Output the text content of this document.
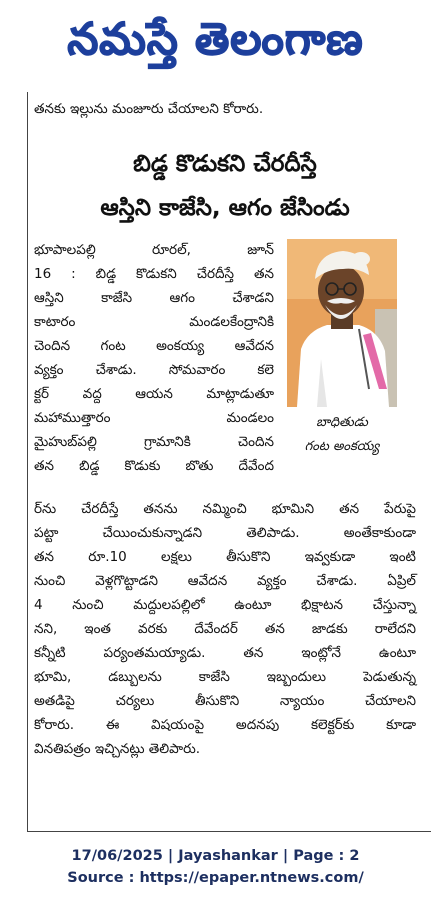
నమస్తే తెలంగాణ
తనకు ఇల్లును మంజూరు చేయాలని కోరారు.
బిడ్డ కొడుకని చేరదీస్తే
ఆస్తిని కాజేసి, ఆగం జేసిండు
బాధితుడు
గంట అంకయ్య
భూపాలపల్లి రూరల్, జూన్
16 : బిడ్డ కొడుకని చేరదీస్తే తన
ఆస్తిని కాజేసి ఆగం చేశాడని
కాటారం మండలకేంద్రానికి
చెందిన గంట అంకయ్య ఆవేదన
వ్యక్తం చేశాడు. సోమవారం కలె
క్టర్ వద్ద ఆయన మాట్లాడుతూ
మహాముత్తారం మండలం
మైహుబ్‌పల్లి గ్రామానికి చెందిన
తన బిడ్డ కొడుకు బొతు దేవేంద
ర్‌ను చేరదీస్తే తనను నమ్మించి భూమిని తన పేరుపై
పట్టా చేయించుకున్నాడని తెలిపాడు. అంతేకాకుండా
తన రూ.10 లక్షలు తీసుకొని ఇవ్వకుడా ఇంటి
నుంచి వెళ్లగొట్టాడని ఆవేదన వ్యక్తం చేశాడు. ఏప్రిల్
4 నుంచి మద్దులపల్లిలో ఉంటూ భిక్షాటన చేస్తున్నా
నని, ఇంత వరకు దేవేందర్ తన జాడకు రాలేదని
కన్నీటి పర్యంతమయ్యాడు. తన ఇంట్లోనే ఉంటూ
భూమి, డబ్బులను కాజేసి ఇబ్బందులు పెడుతున్న
అతడిపై చర్యలు తీసుకొని న్యాయం చేయాలని
కోరారు. ఈ విషయంపై అదనపు కలెక్టర్‌కు కూడా
వినతిపత్రం ఇచ్చినట్లు తెలిపారు.
17/06/2025 | Jayashankar | Page : 2
Source : https://epaper.ntnews.com/
